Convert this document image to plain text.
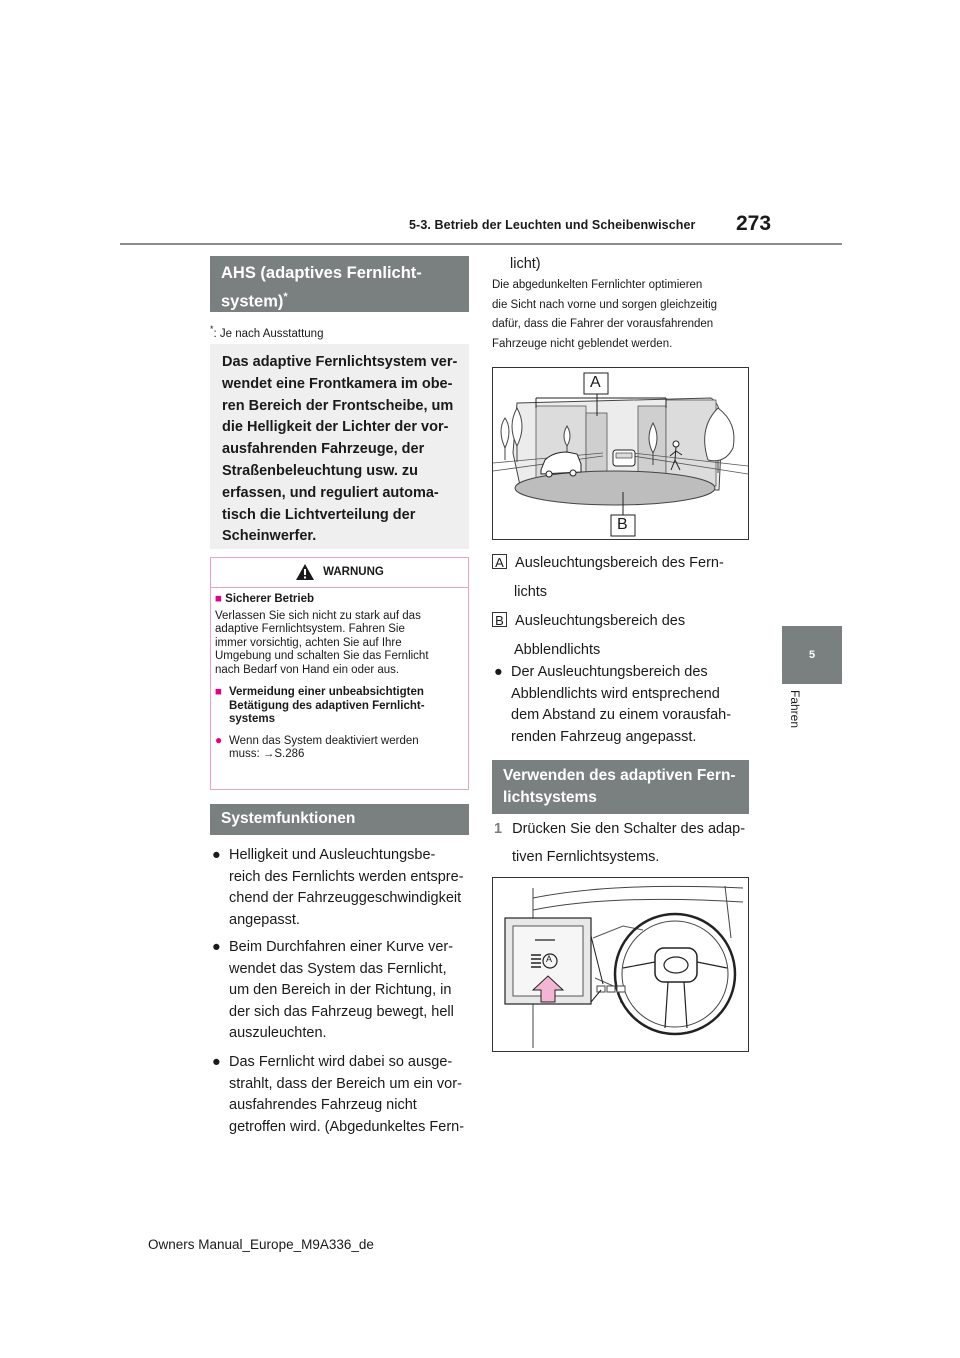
5-3. Betrieb der Leuchten und Scheibenwischer 273
5
Fahren
AHS (adaptives Fernlicht-
system)*
*: Je nach Ausstattung
Das adaptive Fernlichtsystem ver-
wendet eine Frontkamera im obe-
ren Bereich der Frontscheibe, um
die Helligkeit der Lichter der vor-
ausfahrenden Fahrzeuge, der
Straßenbeleuchtung usw. zu
erfassen, und reguliert automa-
tisch die Lichtverteilung der
Scheinwerfer.
WARNUNG
■ Sicherer Betrieb
Verlassen Sie sich nicht zu stark auf das
adaptive Fernlichtsystem. Fahren Sie
immer vorsichtig, achten Sie auf Ihre
Umgebung und schalten Sie das Fernlicht
nach Bedarf von Hand ein oder aus.
■ Vermeidung einer unbeabsichtigten
Betätigung des adaptiven Fernlicht-
systems
● Wenn das System deaktiviert werden
muss: →S.286
Systemfunktionen
● Helligkeit und Ausleuchtungsbe-
reich des Fernlichts werden entspre-
chend der Fahrzeuggeschwindigkeit
angepasst.
● Beim Durchfahren einer Kurve ver-
wendet das System das Fernlicht,
um den Bereich in der Richtung, in
der sich das Fahrzeug bewegt, hell
auszuleuchten.
● Das Fernlicht wird dabei so ausge-
strahlt, dass der Bereich um ein vor-
ausfahrendes Fahrzeug nicht
getroffen wird. (Abgedunkeltes Fern-
licht)
Die abgedunkelten Fernlichter optimieren
die Sicht nach vorne und sorgen gleichzeitig
dafür, dass die Fahrer der vorausfahrenden
Fahrzeuge nicht geblendet werden.
A
B
A Ausleuchtungsbereich des Fern-
lichts
B Ausleuchtungsbereich des
Abblendlichts
● Der Ausleuchtungsbereich des
Abblendlichts wird entsprechend
dem Abstand zu einem vorausfah-
renden Fahrzeug angepasst.
Verwenden des adaptiven Fern-
lichtsystems
1 Drücken Sie den Schalter des adap-
tiven Fernlichtsystems.
A
Owners Manual_Europe_M9A336_de
